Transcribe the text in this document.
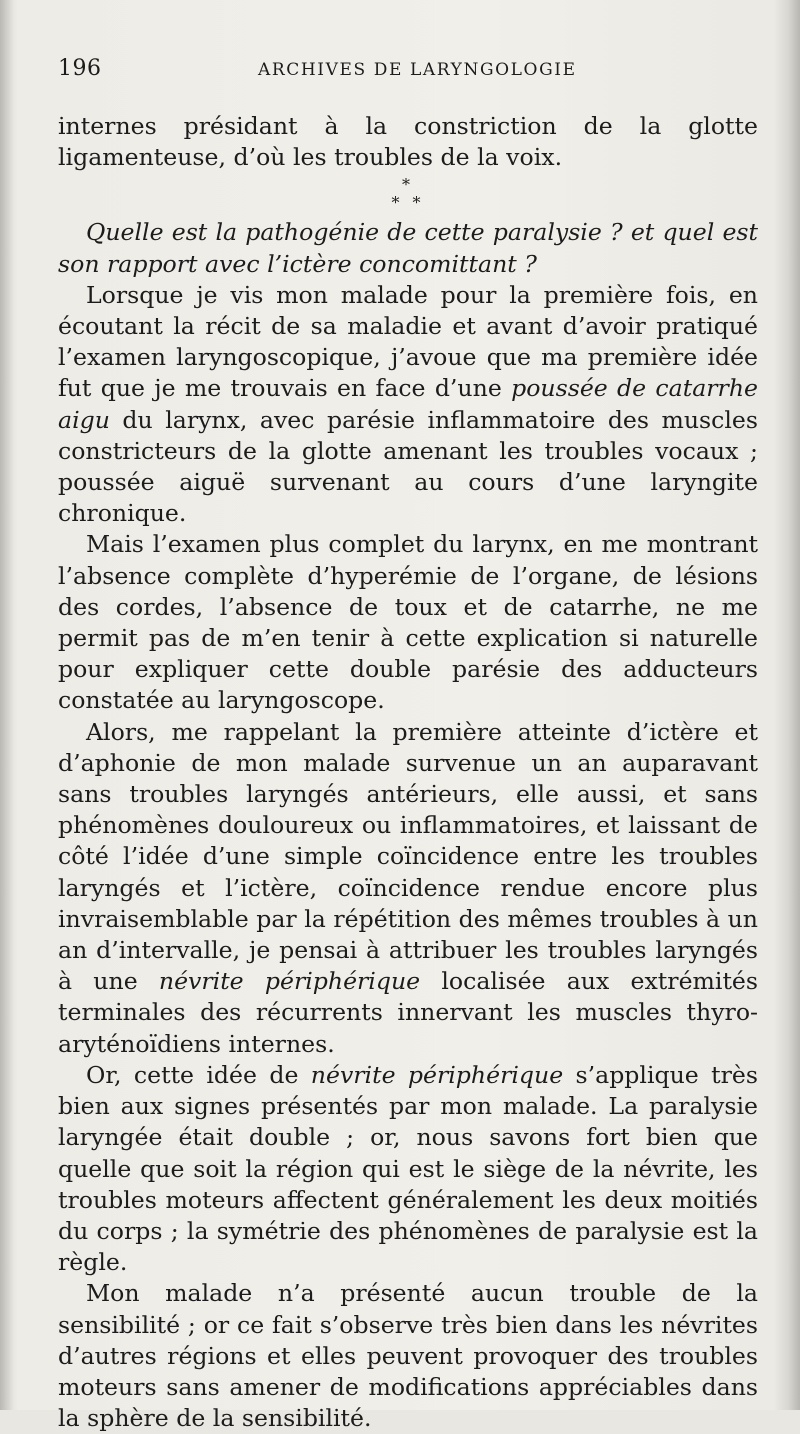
196	ARCHIVES DE LARYNGOLOGIE

internes présidant à la constriction de la glotte ligamenteuse, d’où les troubles de la voix.

*

* *

Quelle est la pathogénie de cette paralysie ? et quel est son rapport avec l’ictère concomittant ?

Lorsque je vis mon malade pour la première fois, en écoutant la récit de sa maladie et avant d’avoir pratiqué l’examen laryngoscopique, j’avoue que ma première idée fut que je me trouvais en face d’une poussée de catarrhe aigu du larynx, avec parésie inflammatoire des muscles constricteurs de la glotte amenant les troubles vocaux ; poussée aiguë survenant au cours d’une laryngite chronique.

Mais l’examen plus complet du larynx, en me montrant l’absence complète d’hyperémie de l’organe, de lésions des cordes, l’absence de toux et de catarrhe, ne me permit pas de m’en tenir à cette explication si naturelle pour expliquer cette double parésie des adducteurs constatée au laryngoscope.

Alors, me rappelant la première atteinte d’ictère et d’aphonie de mon malade survenue un an auparavant sans troubles laryngés antérieurs, elle aussi, et sans phénomènes douloureux ou inflammatoires, et laissant de côté l’idée d’une simple coïncidence entre les troubles laryngés et l’ictère, coïncidence rendue encore plus invraisemblable par la répétition des mêmes troubles à un an d’intervalle, je pensai à attribuer les troubles laryngés à une névrite périphérique localisée aux extrémités terminales des récurrents innervant les muscles thyro-aryténoïdiens internes.

Or, cette idée de névrite périphérique s’applique très bien aux signes présentés par mon malade. La paralysie laryngée était double ; or, nous savons fort bien que quelle que soit la région qui est le siège de la névrite, les troubles moteurs affectent généralement les deux moitiés du corps ; la symétrie des phénomènes de paralysie est la règle.

Mon malade n’a présenté aucun trouble de la sensibilité ; or ce fait s’observe très bien dans les névrites d’autres régions et elles peuvent provoquer des troubles moteurs sans amener de modifications appréciables dans la sphère de la sensibilité.
